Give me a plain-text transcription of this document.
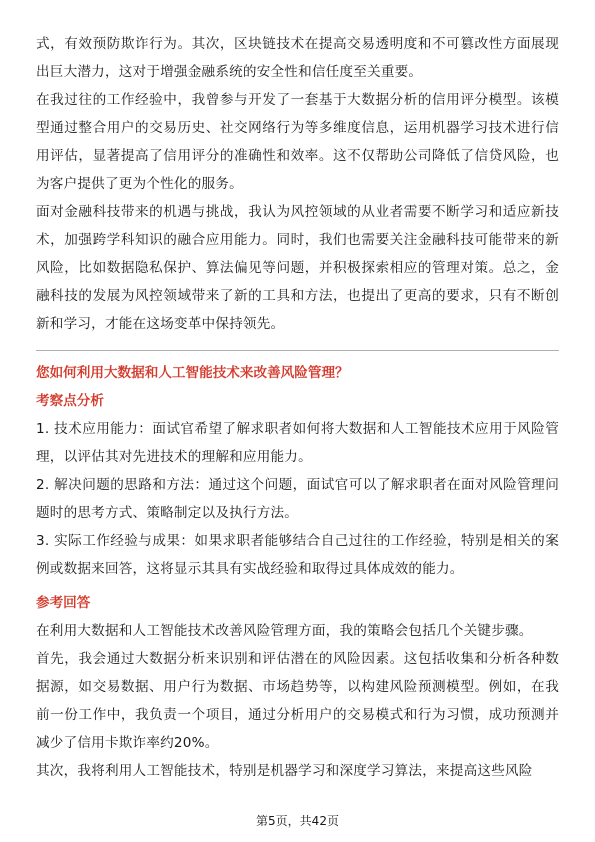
式，有效预防欺诈行为。其次，区块链技术在提高交易透明度和不可篡改性方面展现出巨大潜力，这对于增强金融系统的安全性和信任度至关重要。

在我过往的工作经验中，我曾参与开发了一套基于大数据分析的信用评分模型。该模型通过整合用户的交易历史、社交网络行为等多维度信息，运用机器学习技术进行信用评估，显著提高了信用评分的准确性和效率。这不仅帮助公司降低了信贷风险，也为客户提供了更为个性化的服务。

面对金融科技带来的机遇与挑战，我认为风控领域的从业者需要不断学习和适应新技术，加强跨学科知识的融合应用能力。同时，我们也需要关注金融科技可能带来的新风险，比如数据隐私保护、算法偏见等问题，并积极探索相应的管理对策。总之，金融科技的发展为风控领域带来了新的工具和方法，也提出了更高的要求，只有不断创新和学习，才能在这场变革中保持领先。

您如何利用大数据和人工智能技术来改善风险管理？

考察点分析

1. 技术应用能力：面试官希望了解求职者如何将大数据和人工智能技术应用于风险管理，以评估其对先进技术的理解和应用能力。

2. 解决问题的思路和方法：通过这个问题，面试官可以了解求职者在面对风险管理问题时的思考方式、策略制定以及执行方法。

3. 实际工作经验与成果：如果求职者能够结合自己过往的工作经验，特别是相关的案例或数据来回答，这将显示其具有实战经验和取得过具体成效的能力。

参考回答

在利用大数据和人工智能技术改善风险管理方面，我的策略会包括几个关键步骤。

首先，我会通过大数据分析来识别和评估潜在的风险因素。这包括收集和分析各种数据源，如交易数据、用户行为数据、市场趋势等，以构建风险预测模型。例如，在我前一份工作中，我负责一个项目，通过分析用户的交易模式和行为习惯，成功预测并减少了信用卡欺诈率约20%。

其次，我将利用人工智能技术，特别是机器学习和深度学习算法，来提高这些风险

第5页，共42页
